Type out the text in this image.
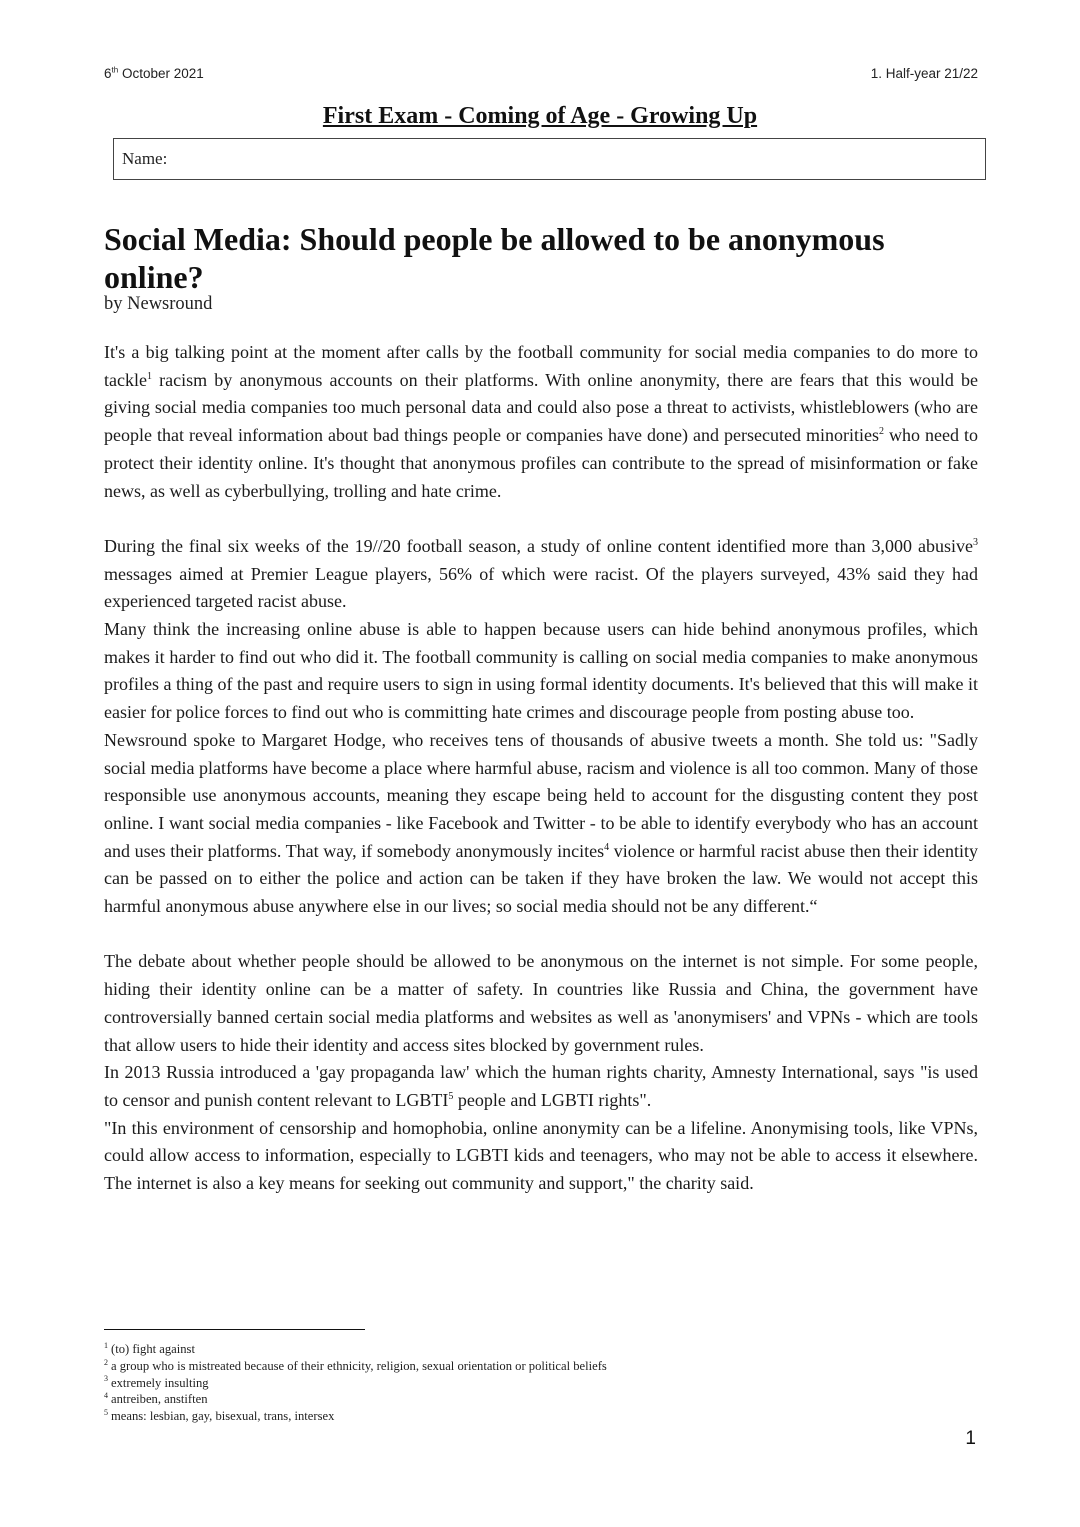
6th October 2021	1. Half-year 21/22
First Exam - Coming of Age - Growing Up
Name:
Social Media: Should people be allowed to be anonymous online?
by Newsround

It's a big talking point at the moment after calls by the football community for social media companies to do more to tackle$^1$ racism by anonymous accounts on their platforms. With online anonymity, there are fears that this would be giving social media companies too much personal data and could also pose a threat to activists, whistleblowers (who are people that reveal information about bad things people or companies have done) and persecuted minorities$^2$ who need to protect their identity online. It's thought that anonymous profiles can contribute to the spread of misinformation or fake news, as well as cyberbullying, trolling and hate crime.

During the final six weeks of the 19//20 football season, a study of online content identified more than 3,000 abusive$^3$ messages aimed at Premier League players, 56% of which were racist. Of the players surveyed, 43% said they had experienced targeted racist abuse.

Many think the increasing online abuse is able to happen because users can hide behind anonymous profiles, which makes it harder to find out who did it. The football community is calling on social media companies to make anonymous profiles a thing of the past and require users to sign in using formal identity documents. It's believed that this will make it easier for police forces to find out who is committing hate crimes and discourage people from posting abuse too.

Newsround spoke to Margaret Hodge, who receives tens of thousands of abusive tweets a month. She told us: "Sadly social media platforms have become a place where harmful abuse, racism and violence is all too common. Many of those responsible use anonymous accounts, meaning they escape being held to account for the disgusting content they post online. I want social media companies - like Facebook and Twitter - to be able to identify everybody who has an account and uses their platforms. That way, if somebody anonymously incites$^4$ violence or harmful racist abuse then their identity can be passed on to either the police and action can be taken if they have broken the law. We would not accept this harmful anonymous abuse anywhere else in our lives; so social media should not be any different.“

The debate about whether people should be allowed to be anonymous on the internet is not simple. For some people, hiding their identity online can be a matter of safety. In countries like Russia and China, the government have controversially banned certain social media platforms and websites as well as 'anonymisers' and VPNs - which are tools that allow users to hide their identity and access sites blocked by government rules.

In 2013 Russia introduced a 'gay propaganda law' which the human rights charity, Amnesty International, says "is used to censor and punish content relevant to LGBTI$^5$ people and LGBTI rights".

"In this environment of censorship and homophobia, online anonymity can be a lifeline. Anonymising tools, like VPNs, could allow access to information, especially to LGBTI kids and teenagers, who may not be able to access it elsewhere. The internet is also a key means for seeking out community and support," the charity said.

$^1$ (to) fight against
$^2$ a group who is mistreated because of their ethnicity, religion, sexual orientation or political beliefs
$^3$ extremely insulting
$^4$ antreiben, anstiften
$^5$ means: lesbian, gay, bisexual, trans, intersex
1
